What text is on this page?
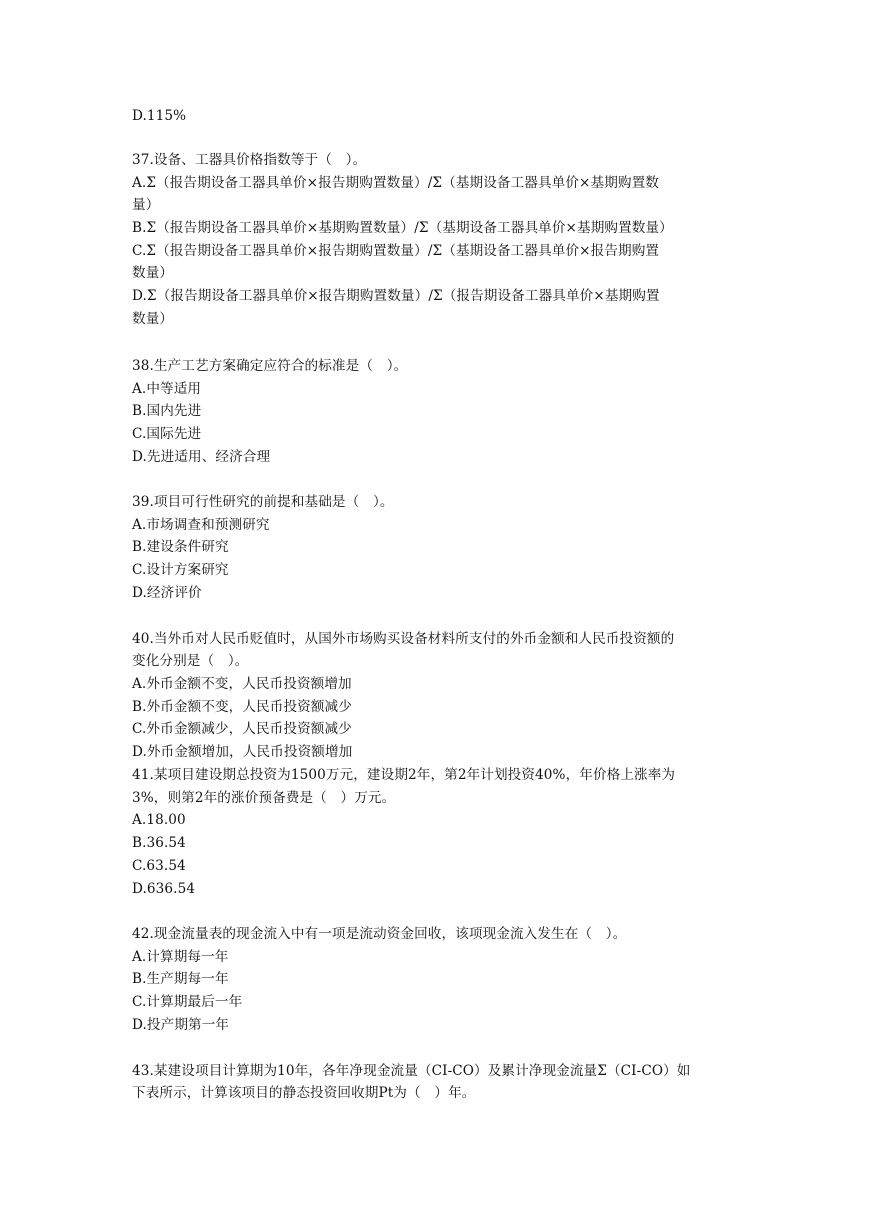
D.115%
37.设备、工器具价格指数等于（　）。
A.Σ（报告期设备工器具单价×报告期购置数量）/Σ（基期设备工器具单价×基期购置数
量）
B.Σ（报告期设备工器具单价×基期购置数量）/Σ（基期设备工器具单价×基期购置数量）
C.Σ（报告期设备工器具单价×报告期购置数量）/Σ（基期设备工器具单价×报告期购置
数量）
D.Σ（报告期设备工器具单价×报告期购置数量）/Σ（报告期设备工器具单价×基期购置
数量）
38.生产工艺方案确定应符合的标准是（　）。
A.中等适用
B.国内先进
C.国际先进
D.先进适用、经济合理
39.项目可行性研究的前提和基础是（　）。
A.市场调查和预测研究
B.建设条件研究
C.设计方案研究
D.经济评价
40.当外币对人民币贬值时，从国外市场购买设备材料所支付的外币金额和人民币投资额的
变化分别是（　）。
A.外币金额不变，人民币投资额增加
B.外币金额不变，人民币投资额减少
C.外币金额减少，人民币投资额减少
D.外币金额增加，人民币投资额增加
41.某项目建设期总投资为1500万元，建设期2年，第2年计划投资40%，年价格上涨率为
3%，则第2年的涨价预备费是（　）万元。
A.18.00
B.36.54
C.63.54
D.636.54
42.现金流量表的现金流入中有一项是流动资金回收，该项现金流入发生在（　）。
A.计算期每一年
B.生产期每一年
C.计算期最后一年
D.投产期第一年
43.某建设项目计算期为10年，各年净现金流量（CI-CO）及累计净现金流量Σ（CI-CO）如
下表所示，计算该项目的静态投资回收期Pt为（　）年。
